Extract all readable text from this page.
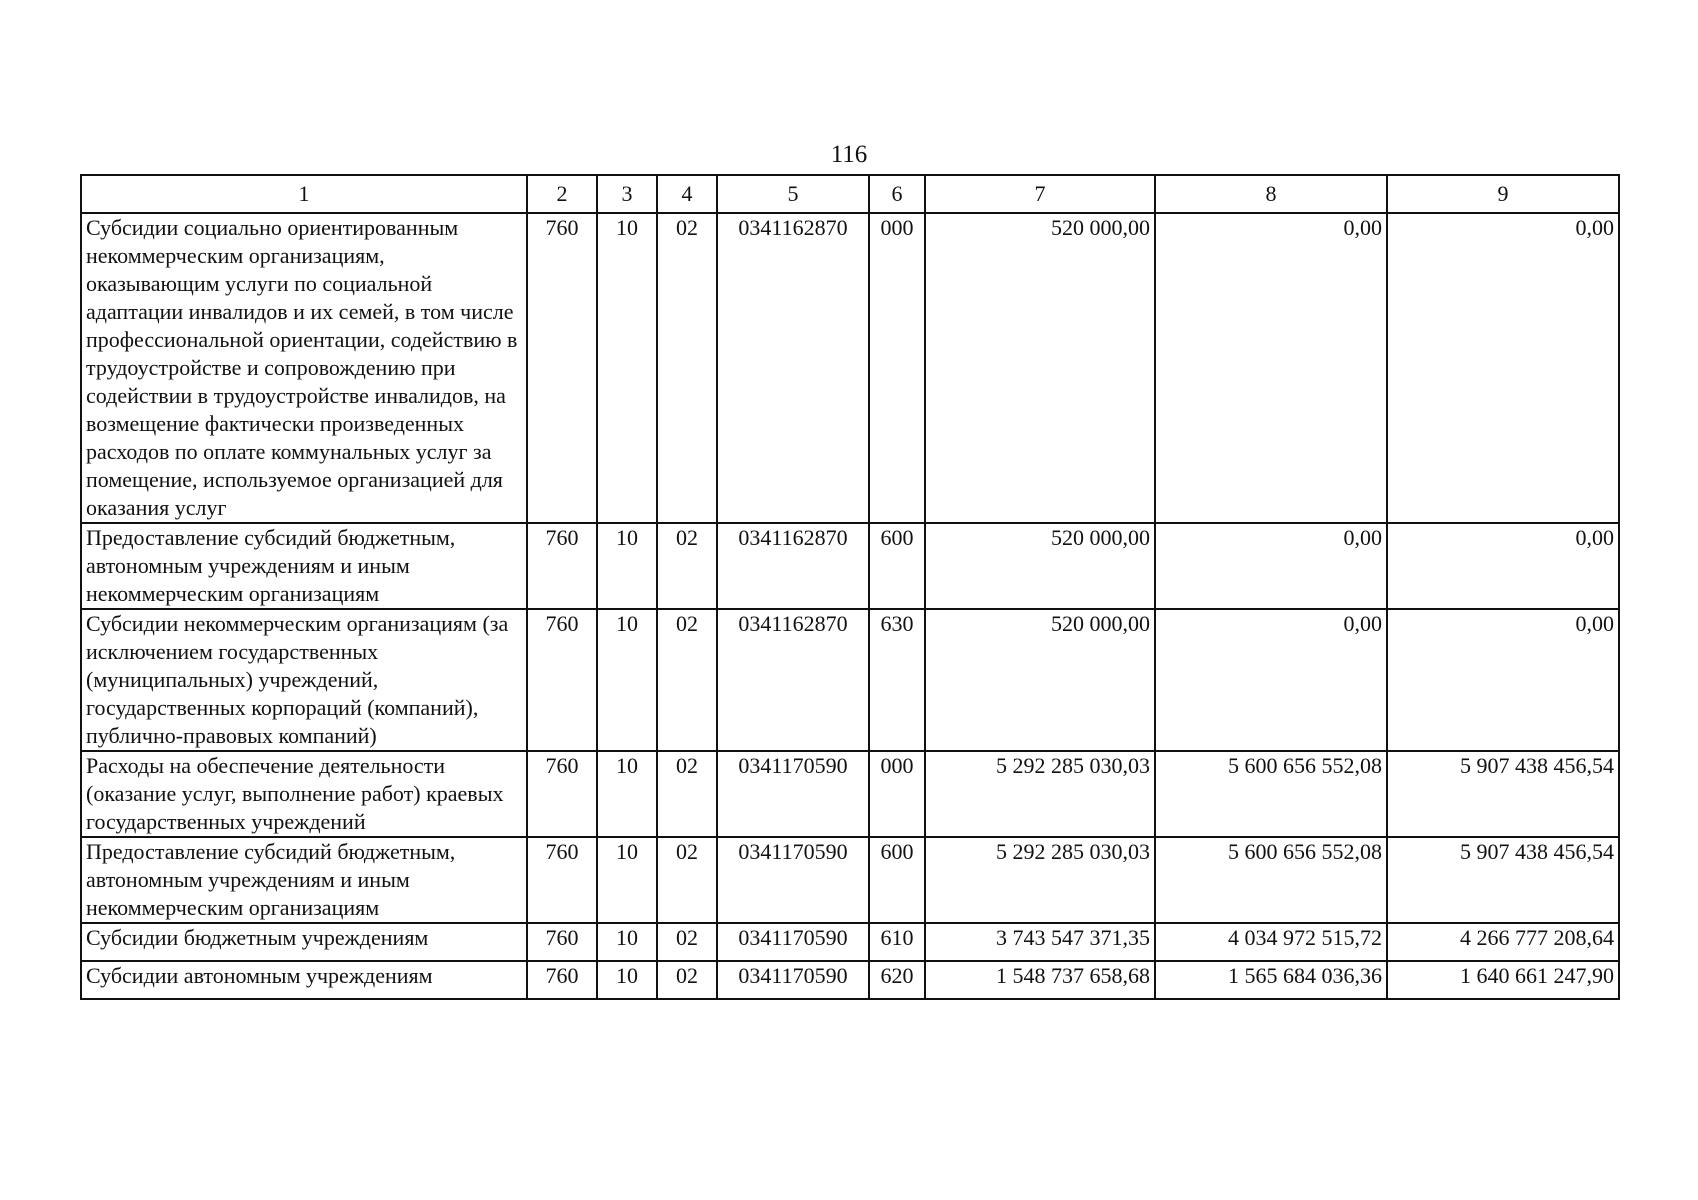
116
1	2	3	4	5	6	7	8	9
Субсидии социально ориентированным некоммерческим организациям, оказывающим услуги по социальной адаптации инвалидов и их семей, в том числе профессиональной ориентации, содействию в трудоустройстве и сопровождению при содействии в трудоустройстве инвалидов, на возмещение фактически произведенных расходов по оплате коммунальных услуг за помещение, используемое организацией для оказания услуг	760	10	02	0341162870	000	520 000,00	0,00	0,00
Предоставление субсидий бюджетным, автономным учреждениям и иным некоммерческим организациям	760	10	02	0341162870	600	520 000,00	0,00	0,00
Субсидии некоммерческим организациям (за исключением государственных (муниципальных) учреждений, государственных корпораций (компаний), публично-правовых компаний)	760	10	02	0341162870	630	520 000,00	0,00	0,00
Расходы на обеспечение деятельности (оказание услуг, выполнение работ) краевых государственных учреждений	760	10	02	0341170590	000	5 292 285 030,03	5 600 656 552,08	5 907 438 456,54
Предоставление субсидий бюджетным, автономным учреждениям и иным некоммерческим организациям	760	10	02	0341170590	600	5 292 285 030,03	5 600 656 552,08	5 907 438 456,54
Субсидии бюджетным учреждениям	760	10	02	0341170590	610	3 743 547 371,35	4 034 972 515,72	4 266 777 208,64
Субсидии автономным учреждениям	760	10	02	0341170590	620	1 548 737 658,68	1 565 684 036,36	1 640 661 247,90
